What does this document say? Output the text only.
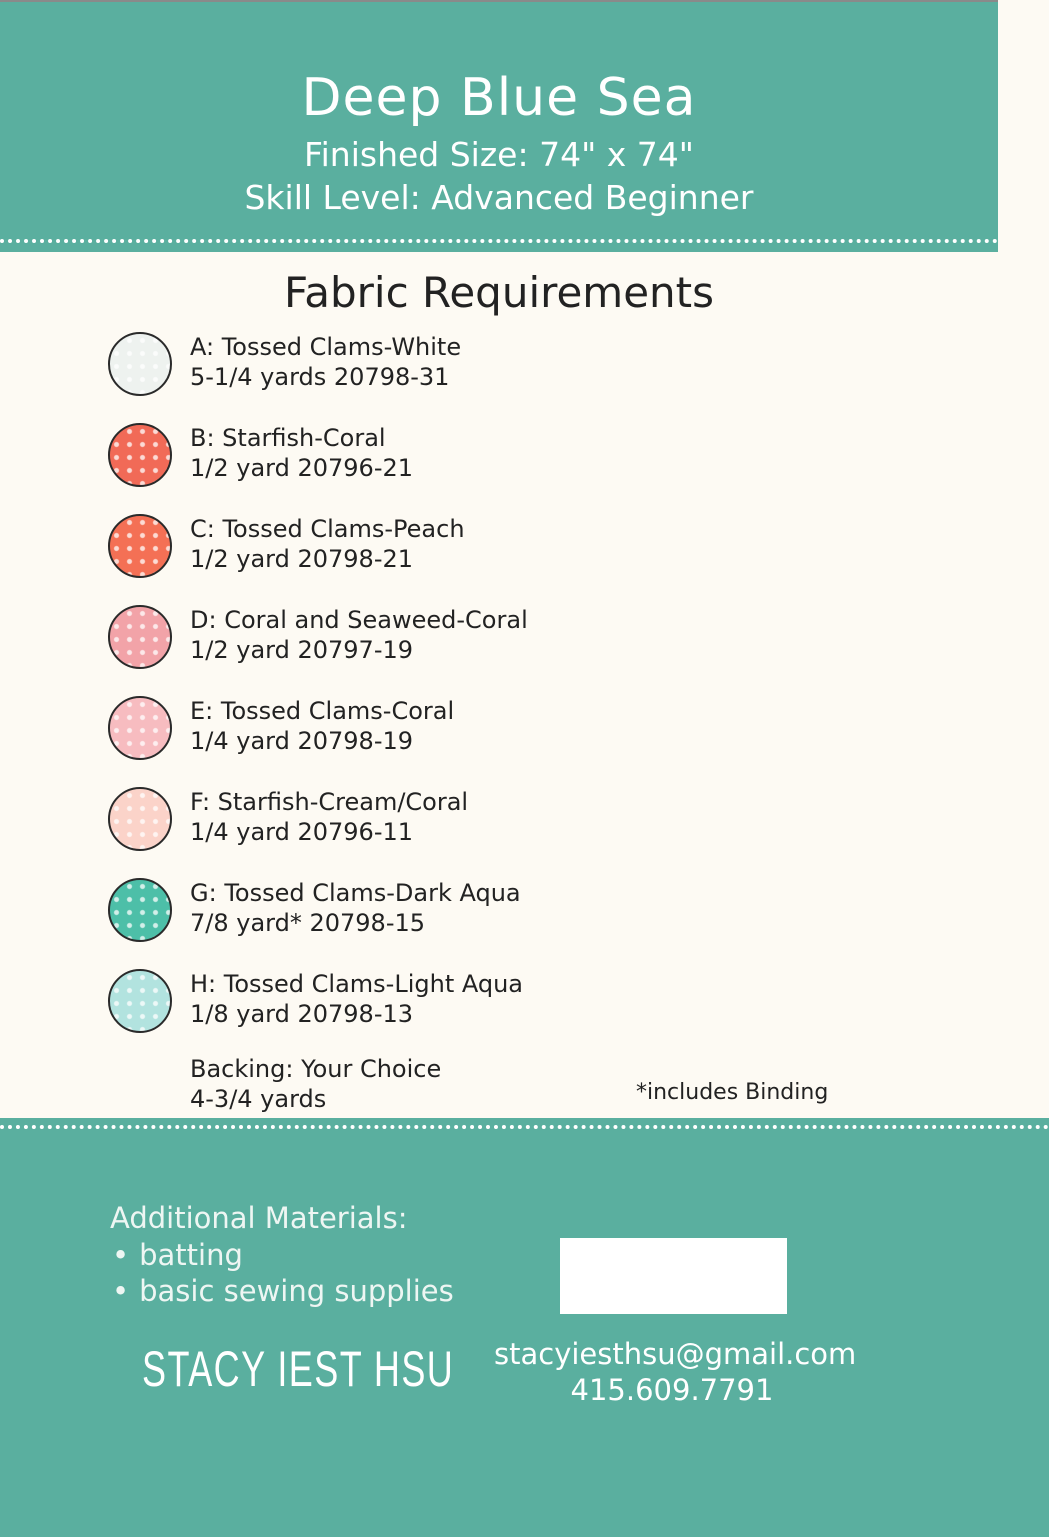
Deep Blue Sea
Finished Size: 74" x 74"
Skill Level: Advanced Beginner
Fabric Requirements
A: Tossed Clams-White
5-1/4 yards 20798-31
B: Starfish-Coral
1/2 yard 20796-21
C: Tossed Clams-Peach
1/2 yard 20798-21
D: Coral and Seaweed-Coral
1/2 yard 20797-19
E: Tossed Clams-Coral
1/4 yard 20798-19
F: Starfish-Cream/Coral
1/4 yard 20796-11
G: Tossed Clams-Dark Aqua
7/8 yard* 20798-15
H: Tossed Clams-Light Aqua
1/8 yard 20798-13
Backing: Your Choice
4-3/4 yards	*includes Binding
Additional Materials:
• batting
• basic sewing supplies
STACY IEST HSU stacyiesthsu@gmail.com
415.609.7791
